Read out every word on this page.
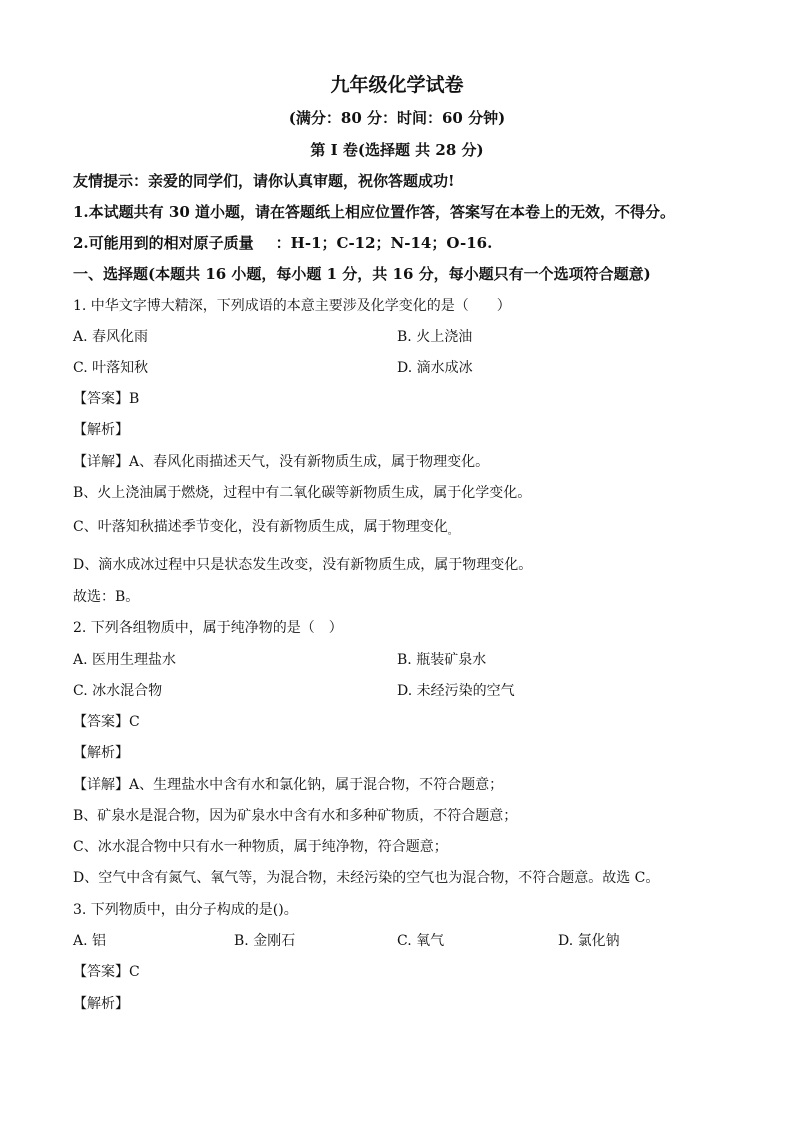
九年级化学试卷
(满分：80 分：时间：60 分钟)
第 I 卷(选择题 共 28 分)
友情提示：亲爱的同学们，请你认真审题，祝你答题成功!
1.本试题共有 30 道小题，请在答题纸上相应位置作答，答案写在本卷上的无效，不得分。
2.可能用到的相对原子质量 ：H-1；C-12；N-14；O-16.
一、选择题(本题共 16 小题，每小题 1 分，共 16 分，每小题只有一个选项符合题意)
1. 中华文字博大精深，下列成语的本意主要涉及化学变化的是（　　）
A. 春风化雨	B. 火上浇油
C. 叶落知秋	D. 滴水成冰
【答案】B
【解析】
【详解】A、春风化雨描述天气，没有新物质生成，属于物理变化。
B、火上浇油属于燃烧，过程中有二氧化碳等新物质生成，属于化学变化。
C、叶落知秋描述季节变化，没有新物质生成，属于物理变化$_。$
D、滴水成冰过程中只是状态发生改变，没有新物质生成，属于物理变化。
故选：B。
2. 下列各组物质中，属于纯净物的是（　）
A. 医用生理盐水	B. 瓶装矿泉水
C. 冰水混合物	D. 未经污染的空气
【答案】C
【解析】
【详解】A、生理盐水中含有水和氯化钠，属于混合物，不符合题意；
B、矿泉水是混合物，因为矿泉水中含有水和多种矿物质，不符合题意；
C、冰水混合物中只有水一种物质，属于纯净物，符合题意；
D、空气中含有氮气、氧气等，为混合物，未经污染的空气也为混合物，不符合题意。故选 C。
3. 下列物质中，由分子构成的是()。
A. 铝	B. 金刚石	C. 氧气	D. 氯化钠
【答案】C
【解析】
